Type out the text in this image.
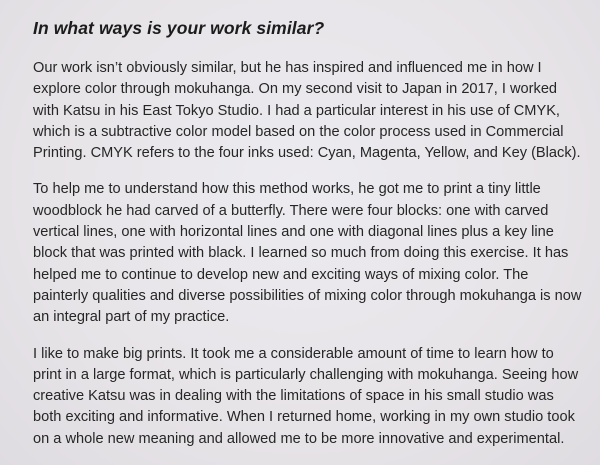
In what ways is your work similar?

Our work isn’t obviously similar, but he has inspired and influenced me in how I explore color through mokuhanga. On my second visit to Japan in 2017, I worked with Katsu in his East Tokyo Studio. I had a particular interest in his use of CMYK, which is a subtractive color model based on the color process used in Commercial Printing. CMYK refers to the four inks used: Cyan, Magenta, Yellow, and Key (Black).

To help me to understand how this method works, he got me to print a tiny little woodblock he had carved of a butterfly. There were four blocks: one with carved vertical lines, one with horizontal lines and one with diagonal lines plus a key line block that was printed with black. I learned so much from doing this exercise. It has helped me to continue to develop new and exciting ways of mixing color. The painterly qualities and diverse possibilities of mixing color through mokuhanga is now an integral part of my practice.

I like to make big prints. It took me a considerable amount of time to learn how to print in a large format, which is particularly challenging with mokuhanga. Seeing how creative Katsu was in dealing with the limitations of space in his small studio was both exciting and informative. When I returned home, working in my own studio took on a whole new meaning and allowed me to be more innovative and experimental.
